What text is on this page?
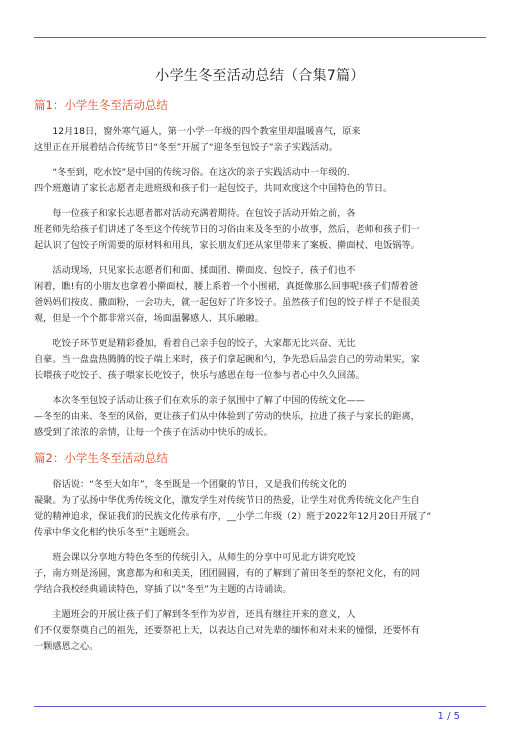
小学生冬至活动总结（合集7篇）
篇1：小学生冬至活动总结

12月18日，窗外寒气逼人，第一小学一年级的四个教室里却温暖喜气，原来
这里正在开展着结合传统节日“冬至”开展了“迎冬至包饺子”亲子实践活动。

“冬至到，吃水饺”是中国的传统习俗。在这次的亲子实践活动中一年级的.
四个班邀请了家长志愿者走进班级和孩子们一起包饺子，共同欢度这个中国特色的节日。

每一位孩子和家长志愿者都对活动充满着期待。在包饺子活动开始之前，各
班老师先给孩子们讲述了冬至这个传统节日的习俗由来及冬至的小故事，然后，老师和孩子们一
起认识了包饺子所需要的原材料和用具，家长朋友们还从家里带来了案板、擀面杖、电饭锅等。

活动现场，只见家长志愿者们和面、揉面团、擀面皮、包饺子，孩子们也不
闲着，瞧!有的小朋友也拿着小擀面杖，腰上系着一个小围裙，真挺像那么回事呢!孩子们帮着爸
爸妈妈们按皮、撒面粉，一会功夫，就一起包好了许多饺子。虽然孩子们包的饺子样子不是很美
观，但是一个个都非常兴奋，场面温馨感人、其乐融融。

吃饺子环节更是精彩叠加，看着自己亲手包的饺子，大家都无比兴奋、无比
自豪。当一盘盘热腾腾的饺子端上来时，孩子们拿起碗和勺，争先恐后品尝自己的劳动果实，家
长喂孩子吃饺子、孩子喂家长吃饺子，快乐与感恩在每一位参与者心中久久回荡。

本次冬至包饺子活动让孩子们在欢乐的亲子氛围中了解了中国的传统文化——
—冬至的由来、冬至的风俗，更让孩子们从中体验到了劳动的快乐，拉进了孩子与家长的距离，
感受到了浓浓的亲情，让每一个孩子在活动中快乐的成长。

篇2：小学生冬至活动总结

俗话说：“冬至大如年”，冬至既是一个团聚的节日，又是我们传统文化的
凝聚。为了弘扬中华优秀传统文化，激发学生对传统节日的热爱，让学生对优秀传统文化产生自
觉的精神追求，保证我们的民族文化传承有序，__小学二年级（2）班于2022年12月20日开展了“
传承中华文化相约快乐冬至”主题班会。

班会课以分享地方特色冬至的传统引入，从师生的分享中可见北方讲究吃饺
子，南方则是汤圆，寓意都为和和美美，团团圆圆，有的了解到了莆田冬至的祭祀文化，有的同
学结合我校经典诵读特色，穿插了以“冬至”为主题的古诗诵读。

主题班会的开展让孩子们了解到冬至作为岁首，还具有继往开来的意义，人
们不仅要祭奠自己的祖先，还要祭祀上天，以表达自己对先辈的缅怀和对未来的憧憬，还要怀有
一颗感恩之心。

1 / 5
